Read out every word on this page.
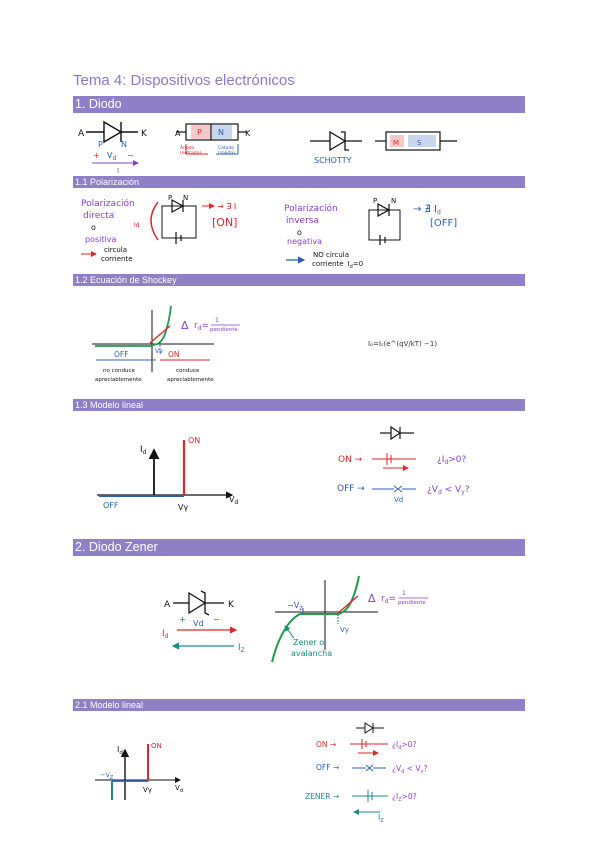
Tema 4: Dispositivos electrónicos
1. Diodo
1.1 Polarización
1.2 Ecuación de Shockey
1.3 Modelo lineal
2. Diodo Zener
2.1 Modelo lineal
A	K
P N
+ $V_d$ −
I
A	K
P N
Ánodo
(entrada)
Cátodo
(salida)
SCHOTTY
M	S
Polarización
directa
o
positiva
circula
corriente
Id
P N
→ ∃ I
[ON]
Polarización
inversa
o
negativa
NO circula
corriente $I_d=0$
P N
→ ∄ $I_d$
[OFF]
Δ $r_d=$
1
pendiente
OFF	ON
Vγ
no conduce
apreciablemente
conduce
apreciablemente
Iₒ=Iₛ(e^(qV/kT) −1)
$I_d$
ON
OFF	Vγ
$V_d$
ON →	¿$I_d>0$?
OFF →
Vd
¿$V_d < V_\gamma$?
A	K
+ Vd −
$I_d$
$I_Z$
$-V_Z$
Vγ
Zener o
avalancha
Δ $r_d=$
1
pendiente
$I_d$
ON
$-V_Z$
Vγ	$V_d$
ON →	¿$I_d>0$?
OFF →	¿$V_d < V_\gamma$?
ZENER →	¿$I_Z>0$?
$I_Z$
